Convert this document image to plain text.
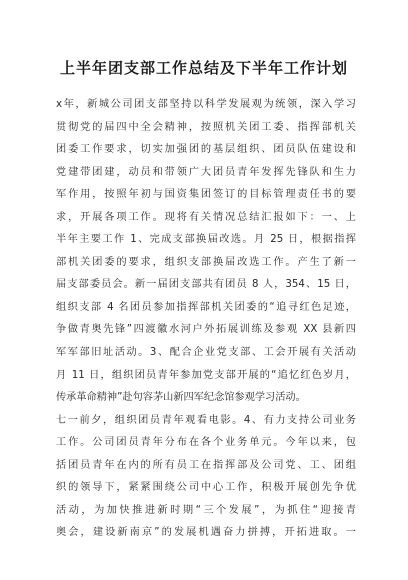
上半年团支部工作总结及下半年工作计划
x年，新城公司团支部坚持以科学发展观为统领，深入学习
贯彻党的届四中全会精神，按照机关团工委、指挥部机关
团委工作要求，切实加强团的基层组织、团员队伍建设和
党建带团建，动员和带领广大团员青年发挥先锋队和生力
军作用，按照年初与国资集团签订的目标管理责任书的要
求，开展各项工作。现将有关情况总结汇报如下：一、上
半年主要工作 1、完成支部换届改选。月 25 日，根据指挥
部机关团委的要求，组织支部换届改选工作。产生了新一
届支部委员会。新一届团支部共有团员 8 人，354、15 日，
组织支部 4 名团员参加指挥部机关团委的“追寻红色足迹，
争做青奥先锋”四渡徽水河户外拓展训练及参观 XX 县新四
军军部旧址活动。3、配合企业党支部、工会开展有关活动
月 11 日，组织团员青年参加党支部开展的“追忆红色岁月，
传承革命精神”赴句容茅山新四军纪念馆参观学习活动。
七一前夕，组织团员青年观看电影。4、有力支持公司业务
工作。公司团员青年分布在各个业务单元。今年以来，包
括团员青年在内的所有员工在指挥部及公司党、工、团组
织的领导下，紧紧围绕公司中心工作，积极开展创先争优
活动，为加快推进新时期“三个发展”，为抓住“迎接青
奥会，建设新南京”的发展机遇奋力拼搏，开拓进取。一
